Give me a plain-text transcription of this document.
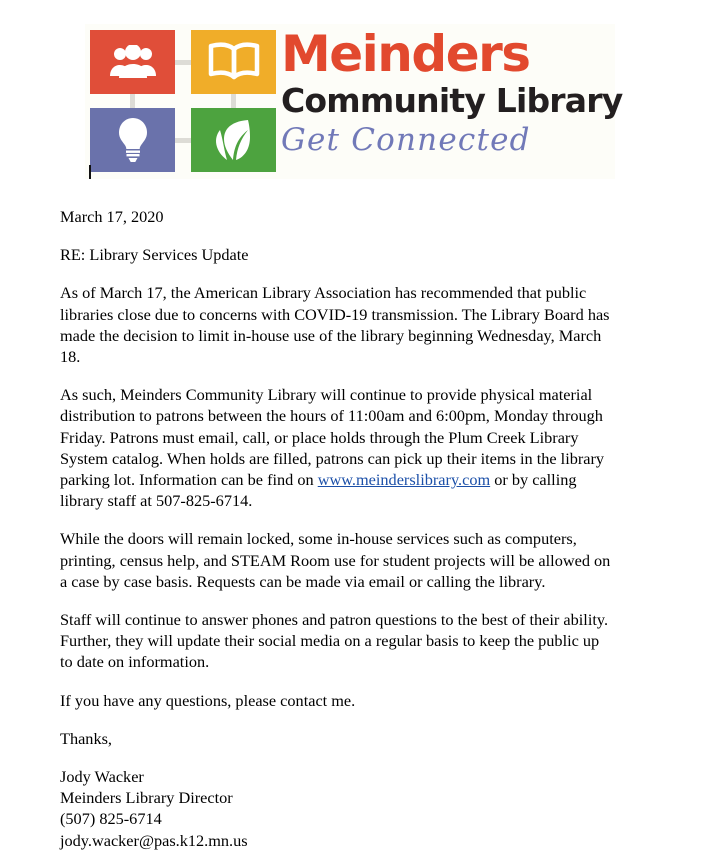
Meinders
Community Library
Get Connected

March 17, 2020

RE: Library Services Update

As of March 17, the American Library Association has recommended that public libraries close due to concerns with COVID-19 transmission. The Library Board has made the decision to limit in-house use of the library beginning Wednesday, March 18.

As such, Meinders Community Library will continue to provide physical material distribution to patrons between the hours of 11:00am and 6:00pm, Monday through Friday. Patrons must email, call, or place holds through the Plum Creek Library System catalog. When holds are filled, patrons can pick up their items in the library parking lot. Information can be find on www.meinderslibrary.com or by calling library staff at 507-825-6714.

While the doors will remain locked, some in-house services such as computers, printing, census help, and STEAM Room use for student projects will be allowed on a case by case basis. Requests can be made via email or calling the library.

Staff will continue to answer phones and patron questions to the best of their ability. Further, they will update their social media on a regular basis to keep the public up to date on information.

If you have any questions, please contact me.

Thanks,

Jody Wacker

Meinders Library Director

(507) 825-6714

jody.wacker@pas.k12.mn.us
